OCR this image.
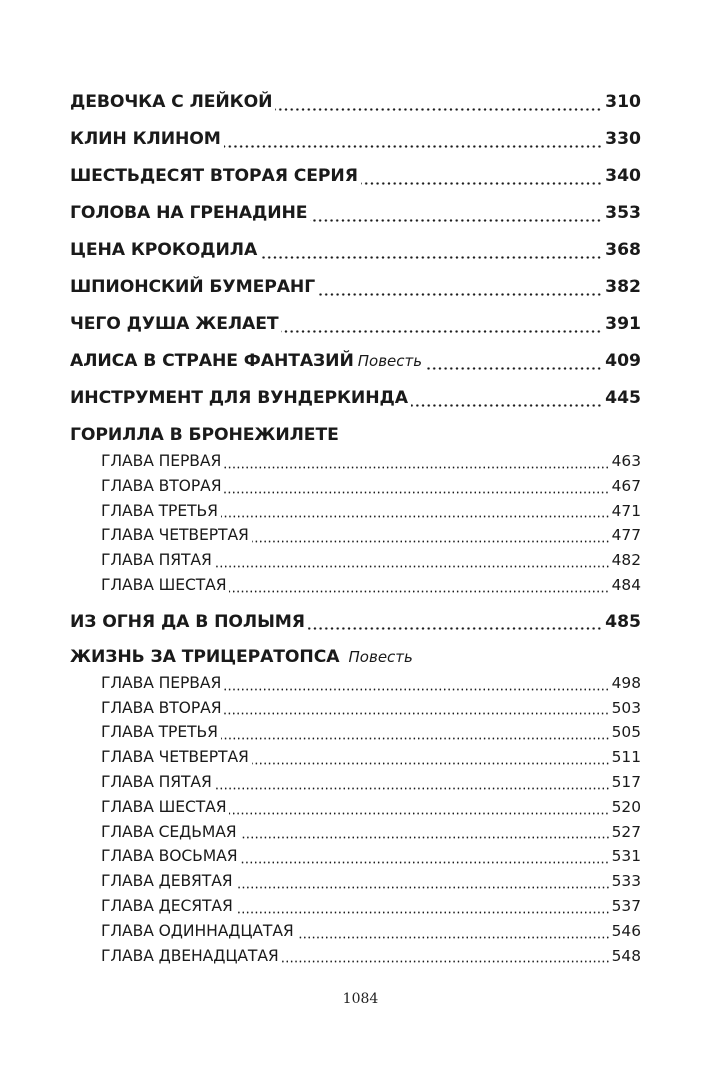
ДЕВОЧКА С ЛЕЙКОЙ	310
КЛИН КЛИНОМ	330
ШЕСТЬДЕСЯТ ВТОРАЯ СЕРИЯ	340
ГОЛОВА НА ГРЕНАДИНЕ	353
ЦЕНА КРОКОДИЛА	368
ШПИОНСКИЙ БУМЕРАНГ	382
ЧЕГО ДУША ЖЕЛАЕТ	391
АЛИСА В СТРАНЕ ФАНТАЗИЙ Повесть	409
ИНСТРУМЕНТ ДЛЯ ВУНДЕРКИНДА	445
ГОРИЛЛА В БРОНЕЖИЛЕТЕ
ГЛАВА ПЕРВАЯ	463
ГЛАВА ВТОРАЯ	467
ГЛАВА ТРЕТЬЯ	471
ГЛАВА ЧЕТВЕРТАЯ	477
ГЛАВА ПЯТАЯ	482
ГЛАВА ШЕСТАЯ	484
ИЗ ОГНЯ ДА В ПОЛЫМЯ	485
ЖИЗНЬ ЗА ТРИЦЕРАТОПСА Повесть
ГЛАВА ПЕРВАЯ	498
ГЛАВА ВТОРАЯ	503
ГЛАВА ТРЕТЬЯ	505
ГЛАВА ЧЕТВЕРТАЯ	511
ГЛАВА ПЯТАЯ	517
ГЛАВА ШЕСТАЯ	520
ГЛАВА СЕДЬМАЯ	527
ГЛАВА ВОСЬМАЯ	531
ГЛАВА ДЕВЯТАЯ	533
ГЛАВА ДЕСЯТАЯ	537
ГЛАВА ОДИННАДЦАТАЯ	546
ГЛАВА ДВЕНАДЦАТАЯ	548
1084
